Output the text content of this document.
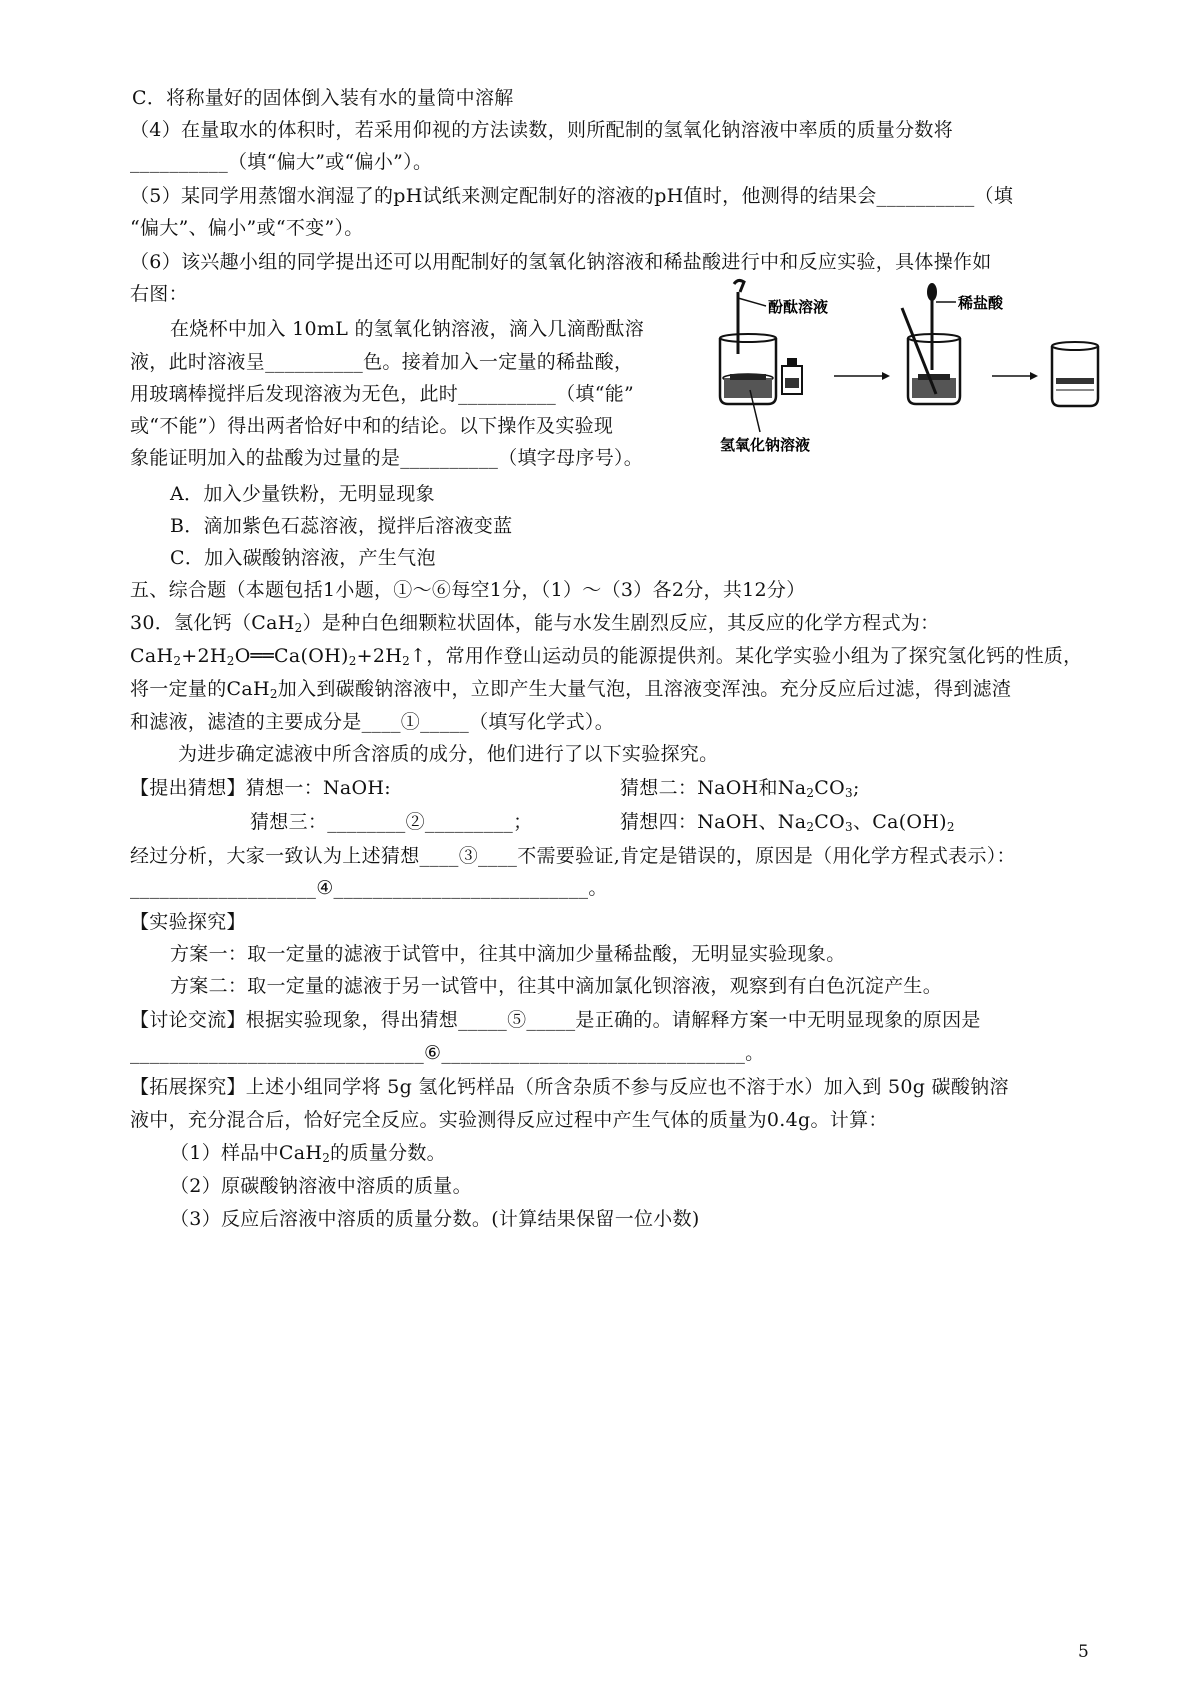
C．将称量好的固体倒入装有水的量筒中溶解
（4）在量取水的体积时，若采用仰视的方法读数，则所配制的氢氧化钠溶液中率质的质量分数将
__________（填“偏大”或“偏小”）。
（5）某同学用蒸馏水润湿了的pH试纸来测定配制好的溶液的pH值时，他测得的结果会__________（填
“偏大”、偏小”或“不变”）。
（6）该兴趣小组的同学提出还可以用配制好的氢氧化钠溶液和稀盐酸进行中和反应实验，具体操作如
右图：
在烧杯中加入 10mL 的氢氧化钠溶液，滴入几滴酚酞溶
液，此时溶液呈__________色。接着加入一定量的稀盐酸，
用玻璃棒搅拌后发现溶液为无色，此时__________（填“能”
或“不能”）得出两者恰好中和的结论。以下操作及实验现
象能证明加入的盐酸为过量的是__________（填字母序号）。
酚酞溶液
氢氧化钠溶液
稀盐酸
A．加入少量铁粉，无明显现象
B．滴加紫色石蕊溶液，搅拌后溶液变蓝
C．加入碳酸钠溶液，产生气泡
五、综合题（本题包括1小题，①～⑥每空1分，（1）～（3）各2分，共12分）
30．氢化钙（CaH$_2$）是种白色细颗粒状固体，能与水发生剧烈反应，其反应的化学方程式为：
$CaH_2+2H_2O══Ca(OH)_2+2H_2↑$，常用作登山运动员的能源提供剂。某化学实验小组为了探究氢化钙的性质，
将一定量的CaH$_2$加入到碳酸钠溶液中，立即产生大量气泡，且溶液变浑浊。充分反应后过滤，得到滤渣
和滤液，滤渣的主要成分是____①_____（填写化学式）。
为进步确定滤液中所含溶质的成分，他们进行了以下实验探究。
【提出猜想】猜想一：NaOH:	猜想二：NaOH和$Na_2CO_3$;
猜想三：________②_________；	猜想四：NaOH、$Na_2CO_3$、$Ca(OH)_2$
经过分析，大家一致认为上述猜想____③____不需要验证,肯定是错误的，原因是（用化学方程式表示）：
___________________④__________________________。
【实验探究】
方案一：取一定量的滤液于试管中，往其中滴加少量稀盐酸，无明显实验现象。
方案二：取一定量的滤液于另一试管中，往其中滴加氯化钡溶液，观察到有白色沉淀产生。
【讨论交流】根据实验现象，得出猜想_____⑤_____是正确的。请解释方案一中无明显现象的原因是
______________________________⑥_______________________________。
【拓展探究】上述小组同学将 5g 氢化钙样品（所含杂质不参与反应也不溶于水）加入到 50g 碳酸钠溶
液中，充分混合后，恰好完全反应。实验测得反应过程中产生气体的质量为0.4g。计算：
（1）样品中CaH$_2$的质量分数。
（2）原碳酸钠溶液中溶质的质量。
（3）反应后溶液中溶质的质量分数。(计算结果保留一位小数)
5
